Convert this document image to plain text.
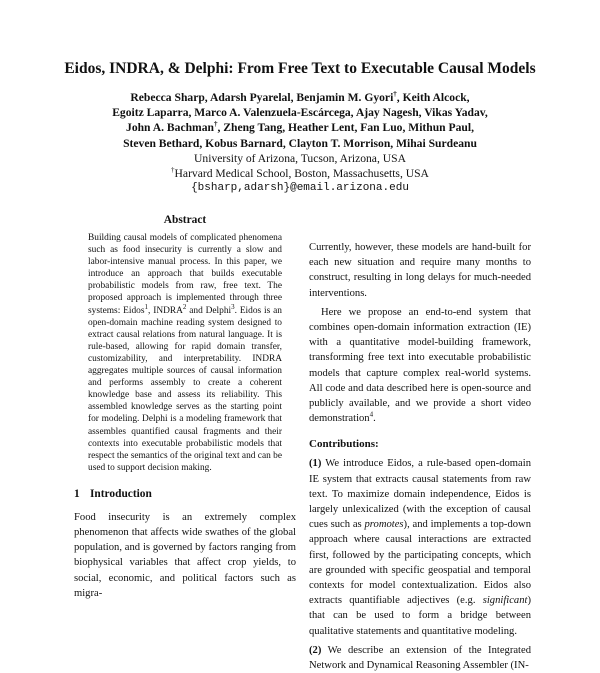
Eidos, INDRA, & Delphi: From Free Text to Executable Causal Models
Rebecca Sharp, Adarsh Pyarelal, Benjamin M. Gyori†, Keith Alcock,
Egoitz Laparra, Marco A. Valenzuela-Escárcega, Ajay Nagesh, Vikas Yadav,
John A. Bachman†, Zheng Tang, Heather Lent, Fan Luo, Mithun Paul,
Steven Bethard, Kobus Barnard, Clayton T. Morrison, Mihai Surdeanu
University of Arizona, Tucson, Arizona, USA
†Harvard Medical School, Boston, Massachusetts, USA
{bsharp,adarsh}@email.arizona.edu
Abstract

Building causal models of complicated phenomena such as food insecurity is currently a slow and labor-intensive manual process. In this paper, we introduce an approach that builds executable probabilistic models from raw, free text. The proposed approach is implemented through three systems: Eidos$^1$, INDRA$^2$ and Delphi$^3$. Eidos is an open-domain machine reading system designed to extract causal relations from natural language. It is rule-based, allowing for rapid domain transfer, customizability, and interpretability. INDRA aggregates multiple sources of causal information and performs assembly to create a coherent knowledge base and assess its reliability. This assembled knowledge serves as the starting point for modeling. Delphi is a modeling framework that assembles quantified causal fragments and their contexts into executable probabilistic models that respect the semantics of the original text and can be used to support decision making.

1 Introduction

Food insecurity is an extremely complex phenomenon that affects wide swathes of the global population, and is governed by factors ranging from biophysical variables that affect crop yields, to social, economic, and political factors such as migra-

Currently, however, these models are hand-built for each new situation and require many months to construct, resulting in long delays for much-needed interventions.

Here we propose an end-to-end system that combines open-domain information extraction (IE) with a quantitative model-building framework, transforming free text into executable probabilistic models that capture complex real-world systems. All code and data described here is open-source and publicly available, and we provide a short video demonstration$^4$.

Contributions:

(1) We introduce Eidos, a rule-based open-domain IE system that extracts causal statements from raw text. To maximize domain independence, Eidos is largely unlexicalized (with the exception of causal cues such as promotes), and implements a top-down approach where causal interactions are extracted first, followed by the participating concepts, which are grounded with specific geospatial and temporal contexts for model contextualization. Eidos also extracts quantifiable adjectives (e.g. significant) that can be used to form a bridge between qualitative statements and quantitative modeling.

(2) We describe an extension of the Integrated Network and Dynamical Reasoning Assembler (IN-
